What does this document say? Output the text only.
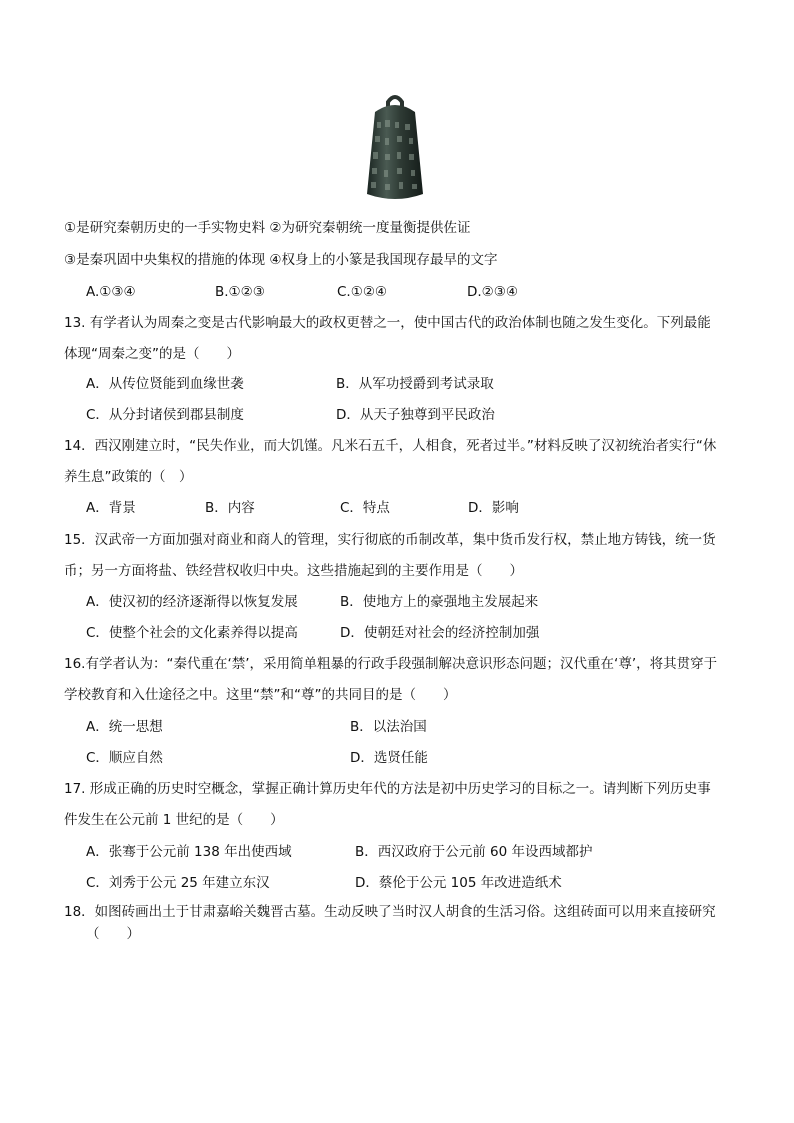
①是研究秦朝历史的一手实物史料 ②为研究秦朝统一度量衡提供佐证
③是秦巩固中央集权的措施的体现 ④权身上的小篆是我国现存最早的文字
A.①③④	B.①②③	C.①②④	D.②③④
13. 有学者认为周秦之变是古代影响最大的政权更替之一，使中国古代的政治体制也随之发生变化。下列最能
体现“周秦之变”的是（　　）
A．从传位贤能到血缘世袭	B．从军功授爵到考试录取
C．从分封诸侯到郡县制度	D．从天子独尊到平民政治
14．西汉刚建立时，“民失作业，而大饥馑。凡米石五千，人相食，死者过半。”材料反映了汉初统治者实行“休
养生息”政策的（　）
A．背景	B．内容	C．特点	D．影响
15．汉武帝一方面加强对商业和商人的管理，实行彻底的币制改革，集中货币发行权，禁止地方铸钱，统一货
币；另一方面将盐、铁经营权收归中央。这些措施起到的主要作用是（　　）
A．使汉初的经济逐渐得以恢复发展	B．使地方上的豪强地主发展起来
C．使整个社会的文化素养得以提高	D．使朝廷对社会的经济控制加强
16.有学者认为：“秦代重在‘禁’，采用简单粗暴的行政手段强制解决意识形态问题；汉代重在‘尊’，将其贯穿于
学校教育和入仕途径之中。这里“禁”和“尊”的共同目的是（　　）
A．统一思想	B．以法治国
C．顺应自然	D．选贤任能
17. 形成正确的历史时空概念，掌握正确计算历史年代的方法是初中历史学习的目标之一。请判断下列历史事
件发生在公元前 1 世纪的是（　　）
A．张骞于公元前 138 年出使西域	B．西汉政府于公元前 60 年设西域都护
C．刘秀于公元 25 年建立东汉	D．蔡伦于公元 105 年改进造纸术
18．如图砖画出土于甘肃嘉峪关魏晋古墓。生动反映了当时汉人胡食的生活习俗。这组砖面可以用来直接研究
（　　）
